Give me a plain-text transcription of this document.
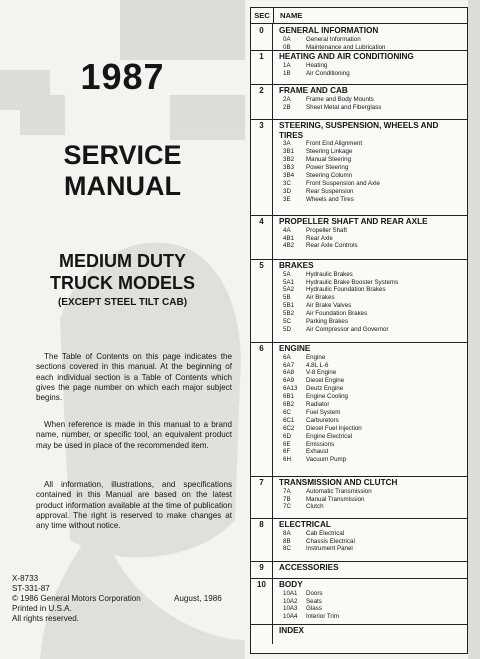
1987
SERVICE
MANUAL
MEDIUM DUTY
TRUCK MODELS
(EXCEPT STEEL TILT CAB)

The Table of Contents on this page indicates the sections covered in this manual. At the beginning of each individual section is a Table of Contents which gives the page number on which each major subject begins.

When reference is made in this manual to a brand name, number, or specific tool, an equivalent product may be used in place of the recommended item.

All information, illustrations, and specifications contained in this Manual are based on the latest product information available at the time of publication approval. The right is reserved to make changes at any time without notice.

X-8733
ST-331-87
© 1986 General Motors Corporation	August, 1986
Printed in U.S.A.
All rights reserved.
SEC	NAME
0	GENERAL INFORMATION
0A General Information
0B Maintenance and Lubrication
1	HEATING AND AIR CONDITIONING
1A Heating
1B Air Conditioning
2	FRAME AND CAB
2A Frame and Body Mounts
2B Sheet Metal and Fiberglass
3	STEERING, SUSPENSION, WHEELS AND TIRES
3A Front End Alignment
3B1 Steering Linkage
3B2 Manual Steering
3B3 Power Steering
3B4 Steering Column
3C Front Suspension and Axle
3D Rear Suspension
3E Wheels and Tires
4	PROPELLER SHAFT AND REAR AXLE
4A Propeller Shaft
4B1 Rear Axle
4B2 Rear Axle Controls
5	BRAKES
5A Hydraulic Brakes
5A1 Hydraulic Brake Booster Systems
5A2 Hydraulic Foundation Brakes
5B Air Brakes
5B1 Air Brake Valves
5B2 Air Foundation Brakes
5C Parking Brakes
5D Air Compressor and Governor
6	ENGINE
6A Engine
6A7 4.8L L-6
6A8 V-8 Engine
6A9 Diesel Engine
6A13 Deutz Engine
6B1 Engine Cooling
6B2 Radiator
6C Fuel System
6C1 Carburetors
6C2 Diesel Fuel Injection
6D Engine Electrical
6E Emissions
6F	Exhaust
6H Vacuum Pump
7	TRANSMISSION AND CLUTCH
7A Automatic Transmission
7B Manual Transmission
7C Clutch
8	ELECTRICAL
8A Cab Electrical
8B Chassis Electrical
8C Instrument Panel
9	ACCESSORIES
10	BODY
10A1 Doors
10A2 Seats
10A3 Glass
10A4 Interior Trim
INDEX
